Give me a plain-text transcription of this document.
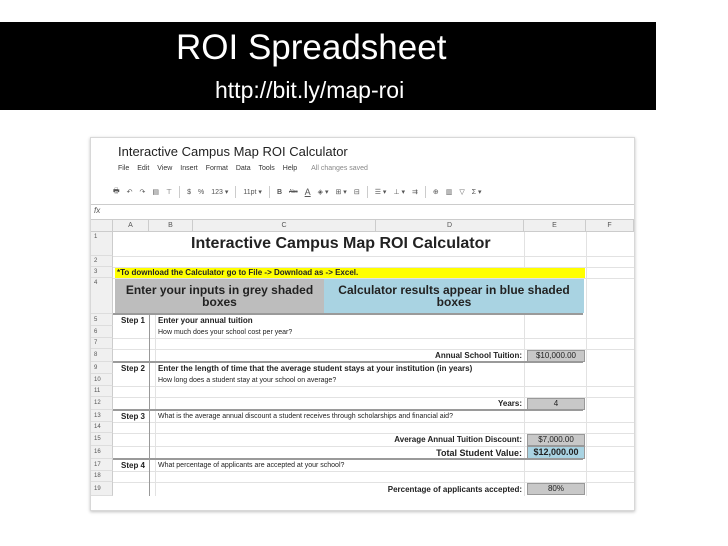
ROI Spreadsheet
http://bit.ly/map-roi
Interactive Campus Map ROI Calculator
File Edit View Insert Format Data Tools Help All changes saved
🖶 ↶ ↷ ▤ ⊤ $ % 123 ▾ 11pt ▾ B Abc A ◈ ▾ ⊞ ▾ ⊟ ☰ ▾ ⊥ ▾ ⇉ ⊕ ▥ ▽ Σ ▾
fx
A	B	C	D	E	F
1
2
3
4
5
6
7
8
9
10
11
12
13
14
15
16
17
18
19
Interactive Campus Map ROI Calculator
*To download the Calculator go to File -> Download as -> Excel.
Enter your inputs in grey shaded boxes
Calculator results appear in blue shaded boxes
Step 1 Enter your annual tuition
How much does your school cost per year?
Annual School Tuition:	$10,000.00
Step 2 Enter the length of time that the average student stays at your institution (in years)
How long does a student stay at your school on average?
Years:	4
Step 3 What is the average annual discount a student receives through scholarships and financial aid?
Average Annual Tuition Discount:	$7,000.00
Total Student Value:	$12,000.00
Step 4 What percentage of applicants are accepted at your school?
Percentage of applicants accepted:	80%
